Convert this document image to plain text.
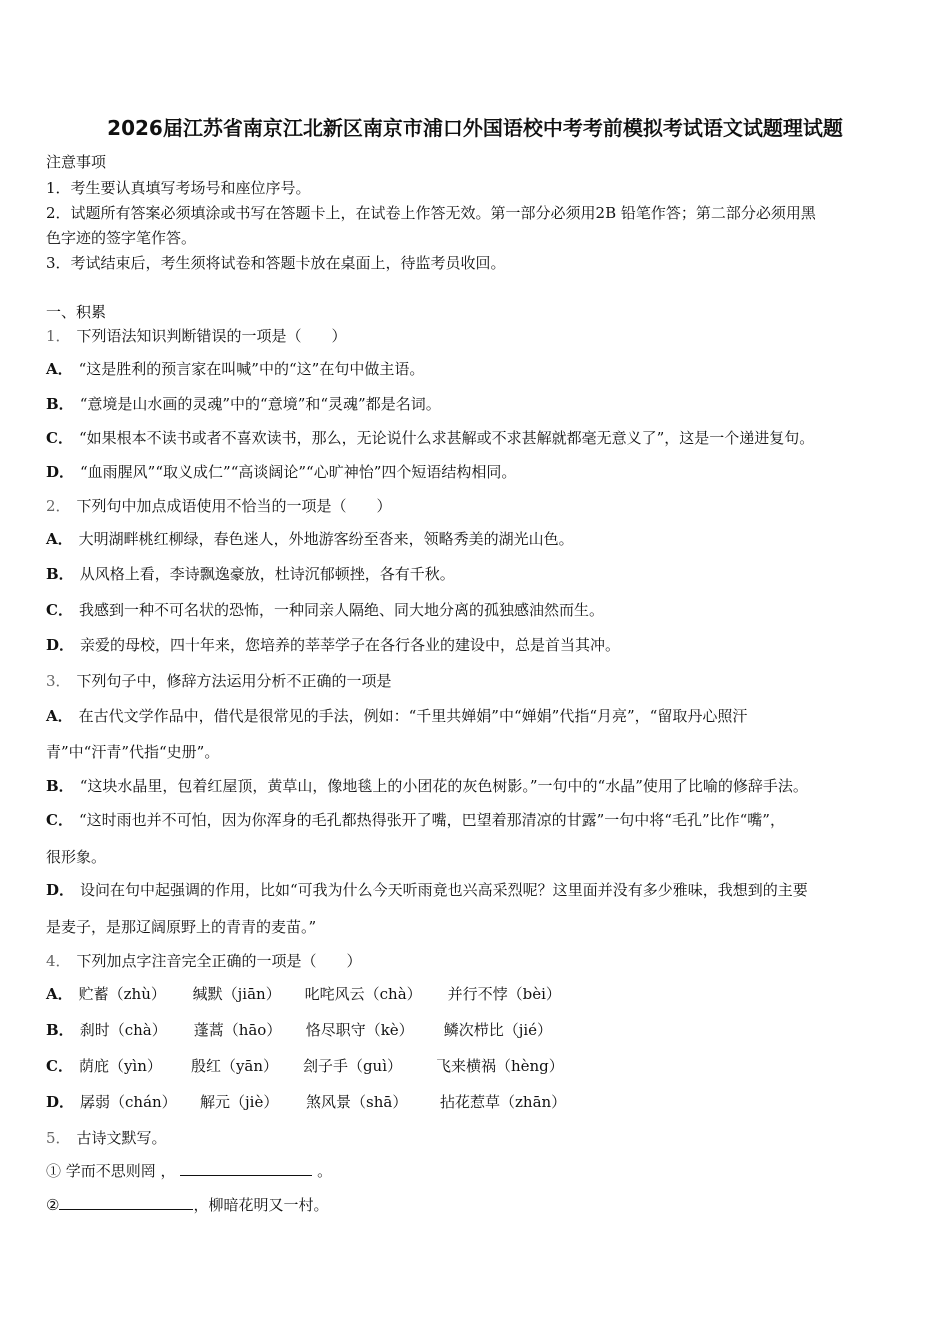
2026届江苏省南京江北新区南京市浦口外国语校中考考前模拟考试语文试题理试题
注意事项
1．考生要认真填写考场号和座位序号。
2．试题所有答案必须填涂或书写在答题卡上，在试卷上作答无效。第一部分必须用2B 铅笔作答；第二部分必须用黑
色字迹的签字笔作答。
3．考试结束后，考生须将试卷和答题卡放在桌面上，待监考员收回。
一、积累
1． 下列语法知识判断错误的一项是（　　）
A． “这是胜利的预言家在叫喊”中的“这”在句中做主语。
B． “意境是山水画的灵魂”中的“意境”和“灵魂”都是名词。
C． “如果根本不读书或者不喜欢读书，那么，无论说什么求甚解或不求甚解就都毫无意义了”，这是一个递进复句。
D． “血雨腥风”“取义成仁”“高谈阔论”“心旷神怡”四个短语结构相同。
2． 下列句中加点成语使用不恰当的一项是（　　）
A． 大明湖畔桃红柳绿，春色迷人，外地游客纷至沓来，领略秀美的湖光山色。
B． 从风格上看，李诗飘逸豪放，杜诗沉郁顿挫，各有千秋。
C． 我感到一种不可名状的恐怖，一种同亲人隔绝、同大地分离的孤独感油然而生。
D． 亲爱的母校，四十年来，您培养的莘莘学子在各行各业的建设中，总是首当其冲。
3． 下列句子中，修辞方法运用分析不正确的一项是
A． 在古代文学作品中，借代是很常见的手法，例如：“千里共婵娟”中“婵娟”代指“月亮”，“留取丹心照汗
青”中“汗青”代指“史册”。
B． “这块水晶里，包着红屋顶，黄草山，像地毯上的小团花的灰色树影。”一句中的“水晶”使用了比喻的修辞手法。
C． “这时雨也并不可怕，因为你浑身的毛孔都热得张开了嘴，巴望着那清凉的甘露”一句中将“毛孔”比作“嘴”，
很形象。
D． 设问在句中起强调的作用，比如“可我为什么今天听雨竟也兴高采烈呢？这里面并没有多少雅味，我想到的主要
是麦子，是那辽阔原野上的青青的麦苗。”
4． 下列加点字注音完全正确的一项是（　　）
A． 贮蓄（zhù） 缄默（jiān） 叱咤风云（chà） 并行不悖（bèi）
B． 刹时（chà） 蓬蒿（hāo） 恪尽职守（kè） 鳞次栉比（jié）
C． 荫庇（yìn） 殷红（yān） 刽子手（guì） 飞来横祸（hèng）
D． 孱弱（chán） 解元（jiè） 煞风景（shā） 拈花惹草（zhān）
5． 古诗文默写。
① 学而不思则罔 ，	。
②	，柳暗花明又一村。
